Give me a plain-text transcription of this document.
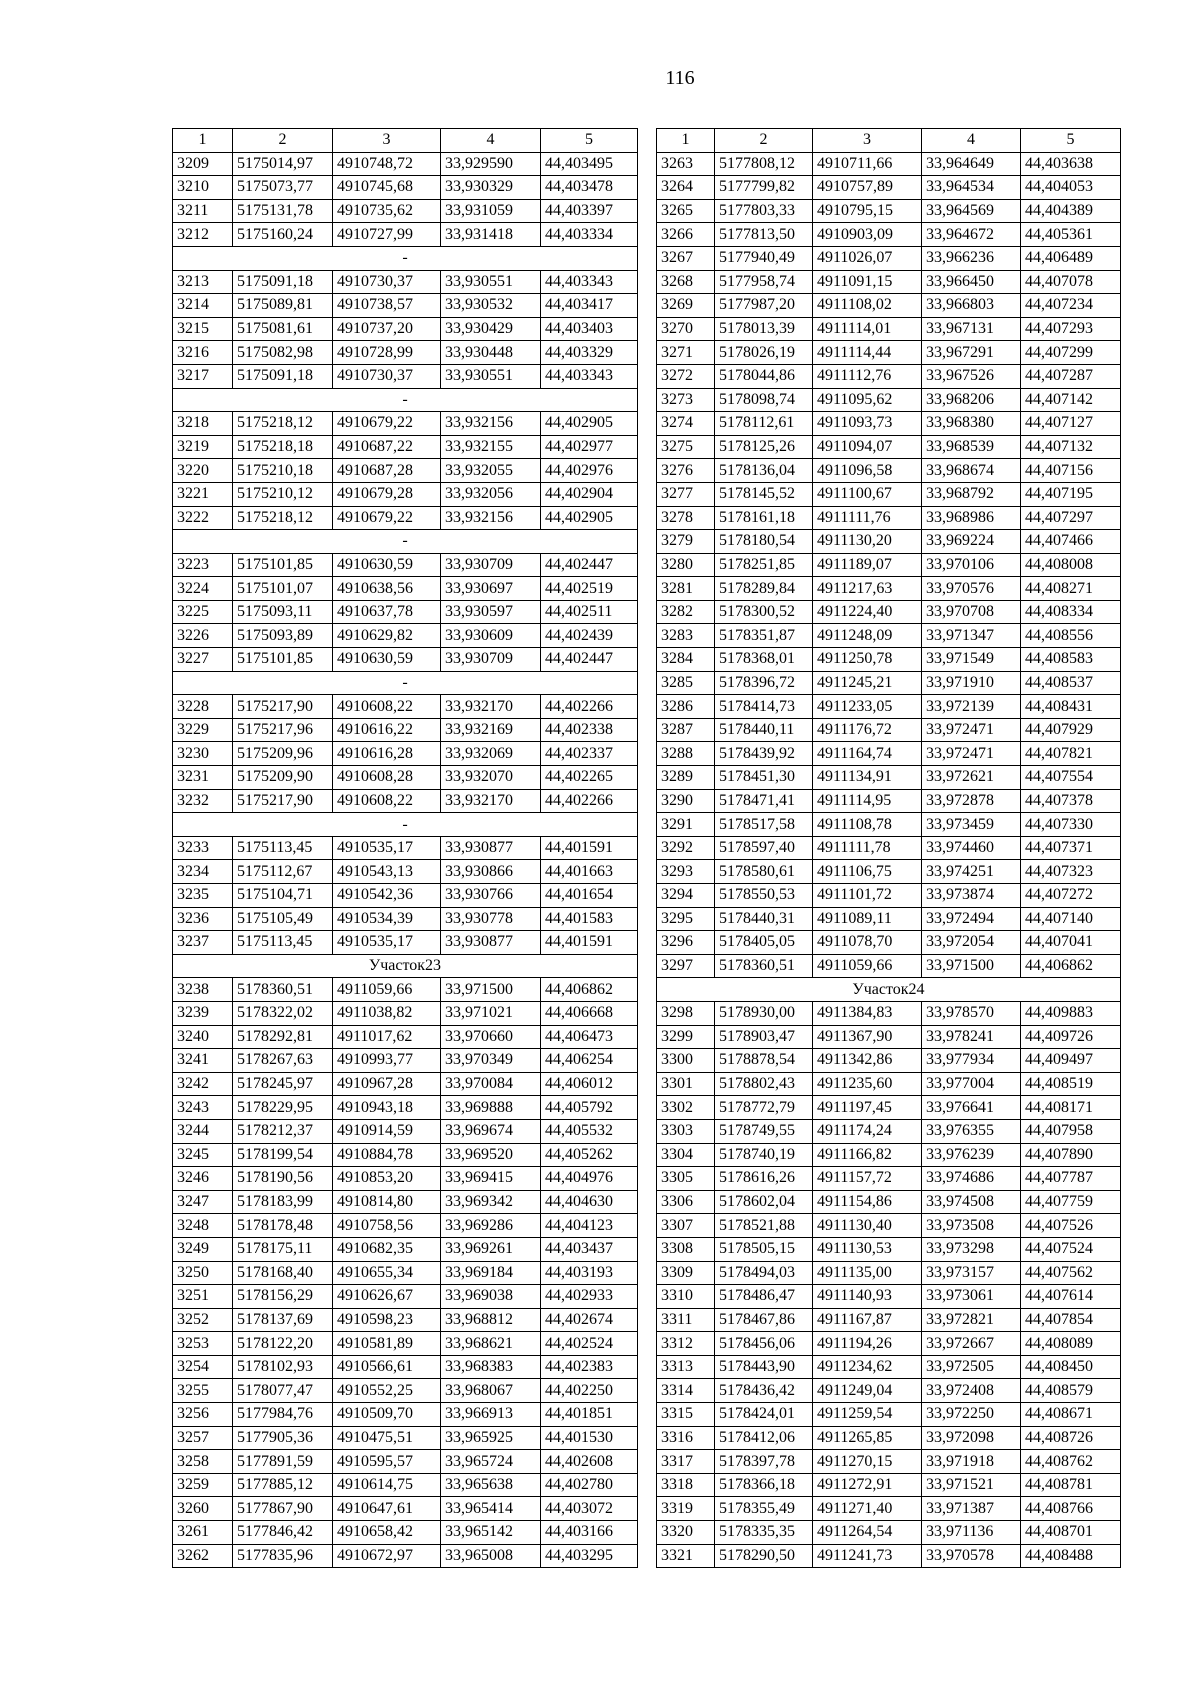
116
1	2	3	4	5
3209	5175014,97	4910748,72	33,929590	44,403495
3210	5175073,77	4910745,68	33,930329	44,403478
3211	5175131,78	4910735,62	33,931059	44,403397
3212	5175160,24	4910727,99	33,931418	44,403334
-				
3213	5175091,18	4910730,37	33,930551	44,403343
3214	5175089,81	4910738,57	33,930532	44,403417
3215	5175081,61	4910737,20	33,930429	44,403403
3216	5175082,98	4910728,99	33,930448	44,403329
3217	5175091,18	4910730,37	33,930551	44,403343
-				
3218	5175218,12	4910679,22	33,932156	44,402905
3219	5175218,18	4910687,22	33,932155	44,402977
3220	5175210,18	4910687,28	33,932055	44,402976
3221	5175210,12	4910679,28	33,932056	44,402904
3222	5175218,12	4910679,22	33,932156	44,402905
-				
3223	5175101,85	4910630,59	33,930709	44,402447
3224	5175101,07	4910638,56	33,930697	44,402519
3225	5175093,11	4910637,78	33,930597	44,402511
3226	5175093,89	4910629,82	33,930609	44,402439
3227	5175101,85	4910630,59	33,930709	44,402447
-				
3228	5175217,90	4910608,22	33,932170	44,402266
3229	5175217,96	4910616,22	33,932169	44,402338
3230	5175209,96	4910616,28	33,932069	44,402337
3231	5175209,90	4910608,28	33,932070	44,402265
3232	5175217,90	4910608,22	33,932170	44,402266
-				
3233	5175113,45	4910535,17	33,930877	44,401591
3234	5175112,67	4910543,13	33,930866	44,401663
3235	5175104,71	4910542,36	33,930766	44,401654
3236	5175105,49	4910534,39	33,930778	44,401583
3237	5175113,45	4910535,17	33,930877	44,401591
Участок23				
3238	5178360,51	4911059,66	33,971500	44,406862
3239	5178322,02	4911038,82	33,971021	44,406668
3240	5178292,81	4911017,62	33,970660	44,406473
3241	5178267,63	4910993,77	33,970349	44,406254
3242	5178245,97	4910967,28	33,970084	44,406012
3243	5178229,95	4910943,18	33,969888	44,405792
3244	5178212,37	4910914,59	33,969674	44,405532
3245	5178199,54	4910884,78	33,969520	44,405262
3246	5178190,56	4910853,20	33,969415	44,404976
3247	5178183,99	4910814,80	33,969342	44,404630
3248	5178178,48	4910758,56	33,969286	44,404123
3249	5178175,11	4910682,35	33,969261	44,403437
3250	5178168,40	4910655,34	33,969184	44,403193
3251	5178156,29	4910626,67	33,969038	44,402933
3252	5178137,69	4910598,23	33,968812	44,402674
3253	5178122,20	4910581,89	33,968621	44,402524
3254	5178102,93	4910566,61	33,968383	44,402383
3255	5178077,47	4910552,25	33,968067	44,402250
3256	5177984,76	4910509,70	33,966913	44,401851
3257	5177905,36	4910475,51	33,965925	44,401530
3258	5177891,59	4910595,57	33,965724	44,402608
3259	5177885,12	4910614,75	33,965638	44,402780
3260	5177867,90	4910647,61	33,965414	44,403072
3261	5177846,42	4910658,42	33,965142	44,403166
3262	5177835,96	4910672,97	33,965008	44,403295
1	2	3	4	5
3263	5177808,12	4910711,66	33,964649	44,403638
3264	5177799,82	4910757,89	33,964534	44,404053
3265	5177803,33	4910795,15	33,964569	44,404389
3266	5177813,50	4910903,09	33,964672	44,405361
3267	5177940,49	4911026,07	33,966236	44,406489
3268	5177958,74	4911091,15	33,966450	44,407078
3269	5177987,20	4911108,02	33,966803	44,407234
3270	5178013,39	4911114,01	33,967131	44,407293
3271	5178026,19	4911114,44	33,967291	44,407299
3272	5178044,86	4911112,76	33,967526	44,407287
3273	5178098,74	4911095,62	33,968206	44,407142
3274	5178112,61	4911093,73	33,968380	44,407127
3275	5178125,26	4911094,07	33,968539	44,407132
3276	5178136,04	4911096,58	33,968674	44,407156
3277	5178145,52	4911100,67	33,968792	44,407195
3278	5178161,18	4911111,76	33,968986	44,407297
3279	5178180,54	4911130,20	33,969224	44,407466
3280	5178251,85	4911189,07	33,970106	44,408008
3281	5178289,84	4911217,63	33,970576	44,408271
3282	5178300,52	4911224,40	33,970708	44,408334
3283	5178351,87	4911248,09	33,971347	44,408556
3284	5178368,01	4911250,78	33,971549	44,408583
3285	5178396,72	4911245,21	33,971910	44,408537
3286	5178414,73	4911233,05	33,972139	44,408431
3287	5178440,11	4911176,72	33,972471	44,407929
3288	5178439,92	4911164,74	33,972471	44,407821
3289	5178451,30	4911134,91	33,972621	44,407554
3290	5178471,41	4911114,95	33,972878	44,407378
3291	5178517,58	4911108,78	33,973459	44,407330
3292	5178597,40	4911111,78	33,974460	44,407371
3293	5178580,61	4911106,75	33,974251	44,407323
3294	5178550,53	4911101,72	33,973874	44,407272
3295	5178440,31	4911089,11	33,972494	44,407140
3296	5178405,05	4911078,70	33,972054	44,407041
3297	5178360,51	4911059,66	33,971500	44,406862
Участок24				
3298	5178930,00	4911384,83	33,978570	44,409883
3299	5178903,47	4911367,90	33,978241	44,409726
3300	5178878,54	4911342,86	33,977934	44,409497
3301	5178802,43	4911235,60	33,977004	44,408519
3302	5178772,79	4911197,45	33,976641	44,408171
3303	5178749,55	4911174,24	33,976355	44,407958
3304	5178740,19	4911166,82	33,976239	44,407890
3305	5178616,26	4911157,72	33,974686	44,407787
3306	5178602,04	4911154,86	33,974508	44,407759
3307	5178521,88	4911130,40	33,973508	44,407526
3308	5178505,15	4911130,53	33,973298	44,407524
3309	5178494,03	4911135,00	33,973157	44,407562
3310	5178486,47	4911140,93	33,973061	44,407614
3311	5178467,86	4911167,87	33,972821	44,407854
3312	5178456,06	4911194,26	33,972667	44,408089
3313	5178443,90	4911234,62	33,972505	44,408450
3314	5178436,42	4911249,04	33,972408	44,408579
3315	5178424,01	4911259,54	33,972250	44,408671
3316	5178412,06	4911265,85	33,972098	44,408726
3317	5178397,78	4911270,15	33,971918	44,408762
3318	5178366,18	4911272,91	33,971521	44,408781
3319	5178355,49	4911271,40	33,971387	44,408766
3320	5178335,35	4911264,54	33,971136	44,408701
3321	5178290,50	4911241,73	33,970578	44,408488
